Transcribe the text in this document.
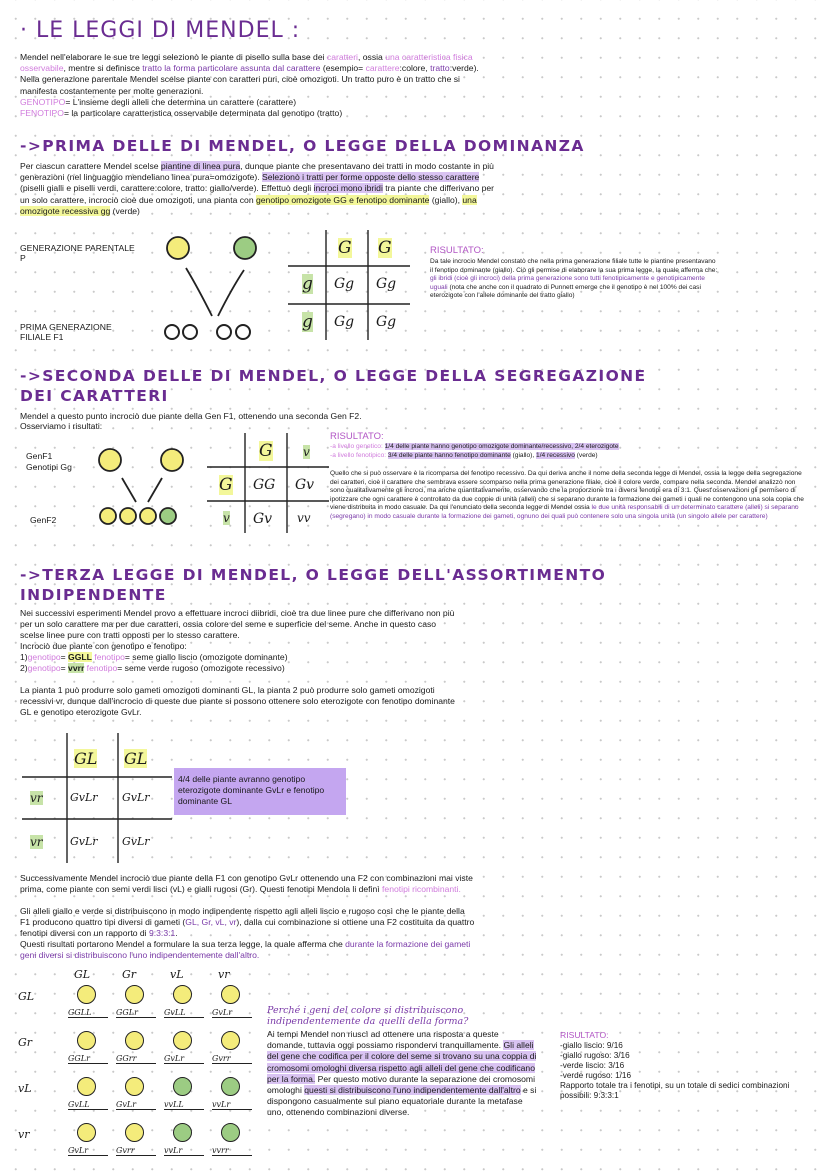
· LE LEGGI DI MENDEL :

Mendel nell'elaborare le sue tre leggi selezionò le piante di pisello sulla base dei caratteri, ossia una caratteristica fisica osservabile, mentre si definisce tratto la forma particolare assunta dal carattere (esempio= carattere:colore, tratto:verde). Nella generazione parentale Mendel scelse piante con caratteri puri, cioè omozigoti. Un tratto puro è un tratto che si manifesta costantemente per molte generazioni.

GENOTIPO= L'insieme degli alleli che determina un carattere (carattere)

FENOTIPO= la particolare caratteristica osservabile determinata dal genotipo (tratto)

->PRIMA DELLE DI MENDEL, O LEGGE DELLA DOMINANZA

Per ciascun carattere Mendel scelse piantine di linea pura, dunque piante che presentavano dei tratti in modo costante in più generazioni (nel linguaggio mendeliano linea pura=omozigote). Selezionò i tratti per forme opposte dello stesso carattere (piselli gialli e piselli verdi, carattere:colore, tratto: giallo/verde). Effettuò degli incroci mono ibridi tra piante che differivano per un solo carattere, incrociò cioè due omozigoti, una pianta con genotipo omozigote GG e fenotipo dominante (giallo), una omozigote recessiva gg (verde)

GENERAZIONE PARENTALE
P
PRIMA GENERAZIONE
FILIALE F1
G G
g
g
Gg Gg
Gg Gg

RISULTATO:

Da tale incrocio Mendel constatò che nella prima generazione filiale tutte le piantine presentavano il fenotipo dominante (giallo). Ciò gli permise di elaborare la sua prima legge, la quale afferma che: gli ibridi (cioè gli incroci) della prima generazione sono tutti fenotipicamente e genotipicamente uguali (nota che anche con il quadrato di Punnett emerge che il genotipo è nel 100% dei casi eterozigote con l'allele dominante del tratto giallo)

->SECONDA DELLE DI MENDEL, O LEGGE DELLA SEGREGAZIONE
DEI CARATTERI

Mendel a questo punto incrociò due piante della Gen F1, ottenendo una seconda Gen F2.

Osserviamo i risultati:

GenF1
Genotipi Gg
GenF2
G	v
G
v
GG Gv
Gv vv

RISULTATO:

-a livello genetico: 1/4 delle piante hanno genotipo omozigote dominante/recessivo, 2/4 eterozigote

-a livello fenotipico: 3/4 delle piante hanno fenotipo dominante (giallo), 1/4 recessivo (verde)

Quello che si può osservare è la ricomparsa del fenotipo recessivo. Da qui deriva anche il nome della seconda legge di Mendel, ossia la legge della segregazione dei caratteri, cioè il carattere che sembrava essere scomparso nella prima generazione filiale, cioè il colore verde, compare nella seconda. Mendel analizzò non sono qualitativamente gli incroci, ma anche quantitativamente, osservando che la proporzione tra i diversi fenotipi era di 3:1. Quest'osservazioni gli permisero di ipotizzare che ogni carattere è controllato da due coppie di unità (alleli) che si separano durante la formazione dei gameti i quali ne contengono una sola copia che viene distribuita in modo casuale. Da qui l'enunciato della seconda legge di Mendel ossia le due unità responsabili di un determinato carattere (alleli) si separano (segregano) in modo casuale durante la formazione dei gameti, ognuno dei quali può contenere solo una singola unità (un singolo allele per carattere)

->TERZA LEGGE DI MENDEL, O LEGGE DELL'ASSORTIMENTO
INDIPENDENTE

Nei successivi esperimenti Mendel provo a effettuare incroci diibridi, cioè tra due linee pure che differivano non più per un solo carattere ma per due caratteri, ossia colore del seme e superficie del seme. Anche in questo caso scelse linee pure con tratti opposti per lo stesso carattere.

Incrociò due piante con genotipo e fenotipo:

1)genotipo= GGLL fenotipo= seme giallo liscio (omozigote dominante)

2)genotipo= vvrr fenotipo= seme verde rugoso (omozigote recessivo)

La pianta 1 può produrre solo gameti omozigoti dominanti GL, la pianta 2 può produrre solo gameti omozigoti recessivi vr, dunque dall'incrocio di queste due piante si possono ottenere solo eterozigote con fenotipo dominante GL e genotipo eterozigote GvLr.

GL GL
vr
vr
GvLr GvLr
GvLr GvLr
4/4 delle piante avranno genotipo eterozigote dominante GvLr e fenotipo dominante GL

Successivamente Mendel incrociò due piante della F1 con genotipo GvLr ottenendo una F2 con combinazioni mai viste prima, come piante con semi verdi lisci (vL) e gialli rugosi (Gr). Questi fenotipi Mendola li definì fenotipi ricombinanti.

Gli alleli giallo e verde si distribuiscono in modo indipendente rispetto agli alleli liscio e rugoso così che le piante della F1 producono quattro tipi diversi di gameti (GL, Gr, vL, vr), dalla cui combinazione si ottiene una F2 costituita da quattro fenotipi diversi con un rapporto di 9:3:3:1.

Questi risultati portarono Mendel a formulare la sua terza legge, la quale afferma che durante la formazione dei gameti geni diversi si distribuiscono l'uno indipendentemente dall'altro.

GL	Gr	vL	vr
GL
Gr
vL
vr
GGLL	GGLr	GvLL	GvLr
GGLr	GGrr	GvLr	Gvrr
GvLL	GvLr	vvLL	vvLr
GvLr	Gvrr	vvLr	vvrr

Perché i geni del colore si distribuiscono

indipendentemente da quelli della forma?

Ai tempi Mendel non riuscì ad ottenere una risposta a queste domande, tuttavia oggi possiamo rispondervi tranquillamente. Gli alleli del gene che codifica per il colore del seme si trovano su una coppia di cromosomi omologhi diversa rispetto agli alleli del gene che codificano per la forma. Per questo motivo durante la separazione dei cromosomi omologhi questi si distribuiscono l'uno indipendentemente dall'altro e si dispongono casualmente sul piano equatoriale durante la metafase uno, ottenendo combinazioni diverse.

RISULTATO:

-giallo liscio: 9/16

-giallo rugoso: 3/16

-verde liscio: 3/16

-verde rugoso: 1/16

Rapporto totale tra i fenotipi, su un totale di sedici combinazioni possibili: 9:3:3:1
